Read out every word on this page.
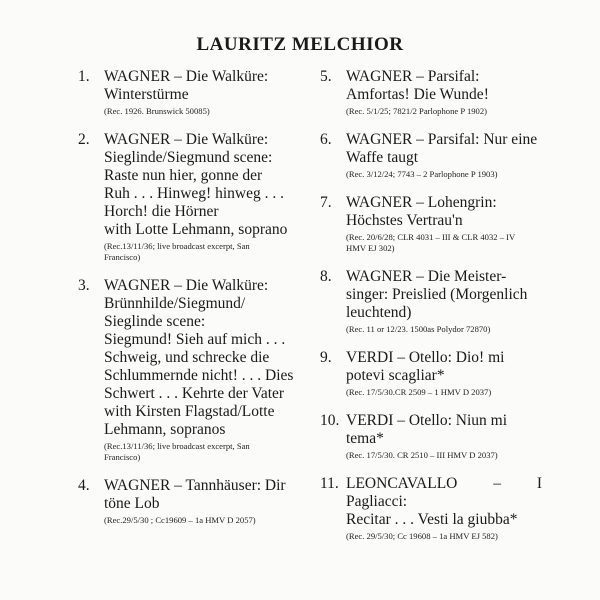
LAURITZ MELCHIOR
1. WAGNER – Die Walküre:
Winterstürme
(Rec. 1926. Brunswick 50085)
2. WAGNER – Die Walküre:
Sieglinde/Siegmund scene:
Raste nun hier, gonne der
Ruh . . . Hinweg! hinweg . . .
Horch! die Hörner
with Lotte Lehmann, soprano
(Rec.13/11/36; live broadcast excerpt, San
Francisco)
3. WAGNER – Die Walküre:
Brünnhilde/Siegmund/
Sieglinde scene:
Siegmund! Sieh auf mich . . .
Schweig, und schrecke die
Schlummernde nicht! . . . Dies
Schwert . . . Kehrte der Vater
with Kirsten Flagstad/Lotte
Lehmann, sopranos
(Rec.13/11/36; live broadcast excerpt, San
Francisco)
4. WAGNER – Tannhäuser: Dir
töne Lob
(Rec.29/5/30 ; Cc19609 – 1a HMV D 2057)
5. WAGNER – Parsifal:
Amfortas! Die Wunde!
(Rec. 5/1/25; 7821/2 Parlophone P 1902)
6. WAGNER – Parsifal: Nur eine
Waffe taugt
(Rec. 3/12/24; 7743 – 2 Parlophone P 1903)
7. WAGNER – Lohengrin:
Höchstes Vertrau'n
(Rec. 20/6/28; CLR 4031 – III & CLR 4032 – IV
HMV EJ 302)
8. WAGNER – Die Meister-
singer: Preislied (Morgenlich
leuchtend)
(Rec. 11 or 12/23. 1500as Polydor 72870)
9. VERDI – Otello: Dio! mi
potevi scagliar*
(Rec. 17/5/30.CR 2509 – 1 HMV D 2037)
10. VERDI – Otello: Niun mi
tema*
(Rec. 17/5/30. CR 2510 – III HMV D 2037)
11. LEONCAVALLO – I Pagliacci:
Recitar . . . Vesti la giubba*
(Rec. 29/5/30; Cc 19608 – 1a HMV EJ 582)
